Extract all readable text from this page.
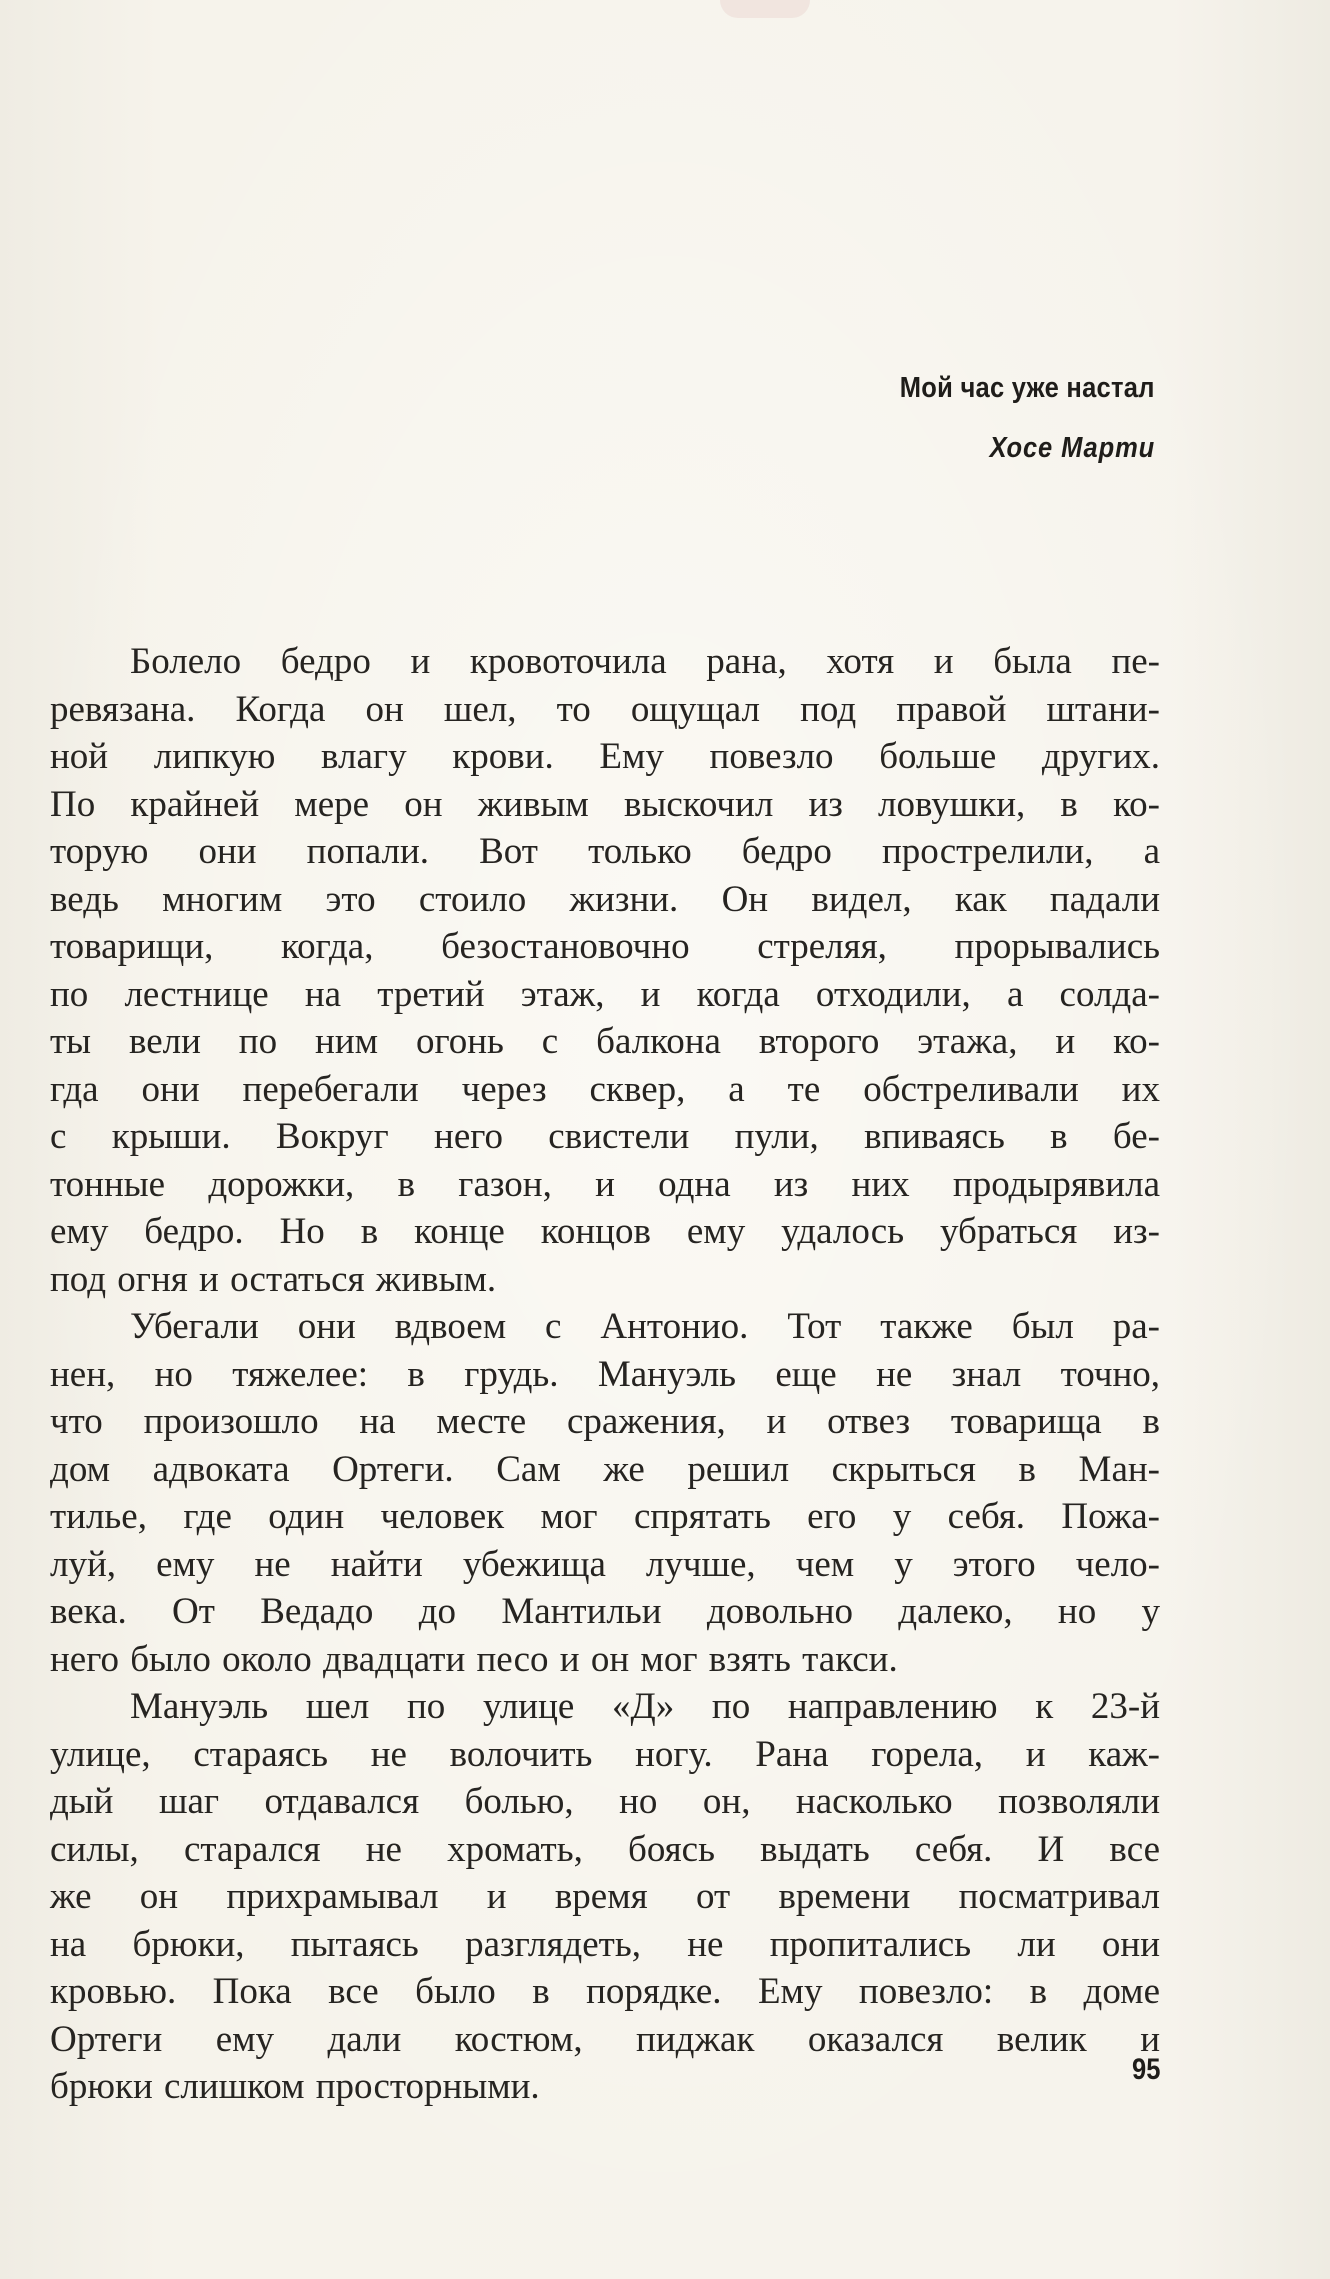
Мой час уже настал
Хосе Марти
Болело бедро и кровоточила рана, хотя и была пе-
ревязана. Когда он шел, то ощущал под правой штани-
ной липкую влагу крови. Ему повезло больше других.
По крайней мере он живым выскочил из ловушки, в ко-
торую они попали. Вот только бедро прострелили, а
ведь многим это стоило жизни. Он видел, как падали
товарищи, когда, безостановочно стреляя, прорывались
по лестнице на третий этаж, и когда отходили, а солда-
ты вели по ним огонь с балкона второго этажа, и ко-
гда они перебегали через сквер, а те обстреливали их
с крыши. Вокруг него свистели пули, впиваясь в бе-
тонные дорожки, в газон, и одна из них продырявила
ему бедро. Но в конце концов ему удалось убраться из-
под огня и остаться живым.
Убегали они вдвоем с Антонио. Тот также был ра-
нен, но тяжелее: в грудь. Мануэль еще не знал точно,
что произошло на месте сражения, и отвез товарища в
дом адвоката Ортеги. Сам же решил скрыться в Ман-
тилье, где один человек мог спрятать его у себя. Пожа-
луй, ему не найти убежища лучше, чем у этого чело-
века. От Ведадо до Мантильи довольно далеко, но у
него было около двадцати песо и он мог взять такси.
Мануэль шел по улице «Д» по направлению к 23-й
улице, стараясь не волочить ногу. Рана горела, и каж-
дый шаг отдавался болью, но он, насколько позволяли
силы, старался не хромать, боясь выдать себя. И все
же он прихрамывал и время от времени посматривал
на брюки, пытаясь разглядеть, не пропитались ли они
кровью. Пока все было в порядке. Ему повезло: в доме
Ортеги ему дали костюм, пиджак оказался велик и
брюки слишком просторными.	95
